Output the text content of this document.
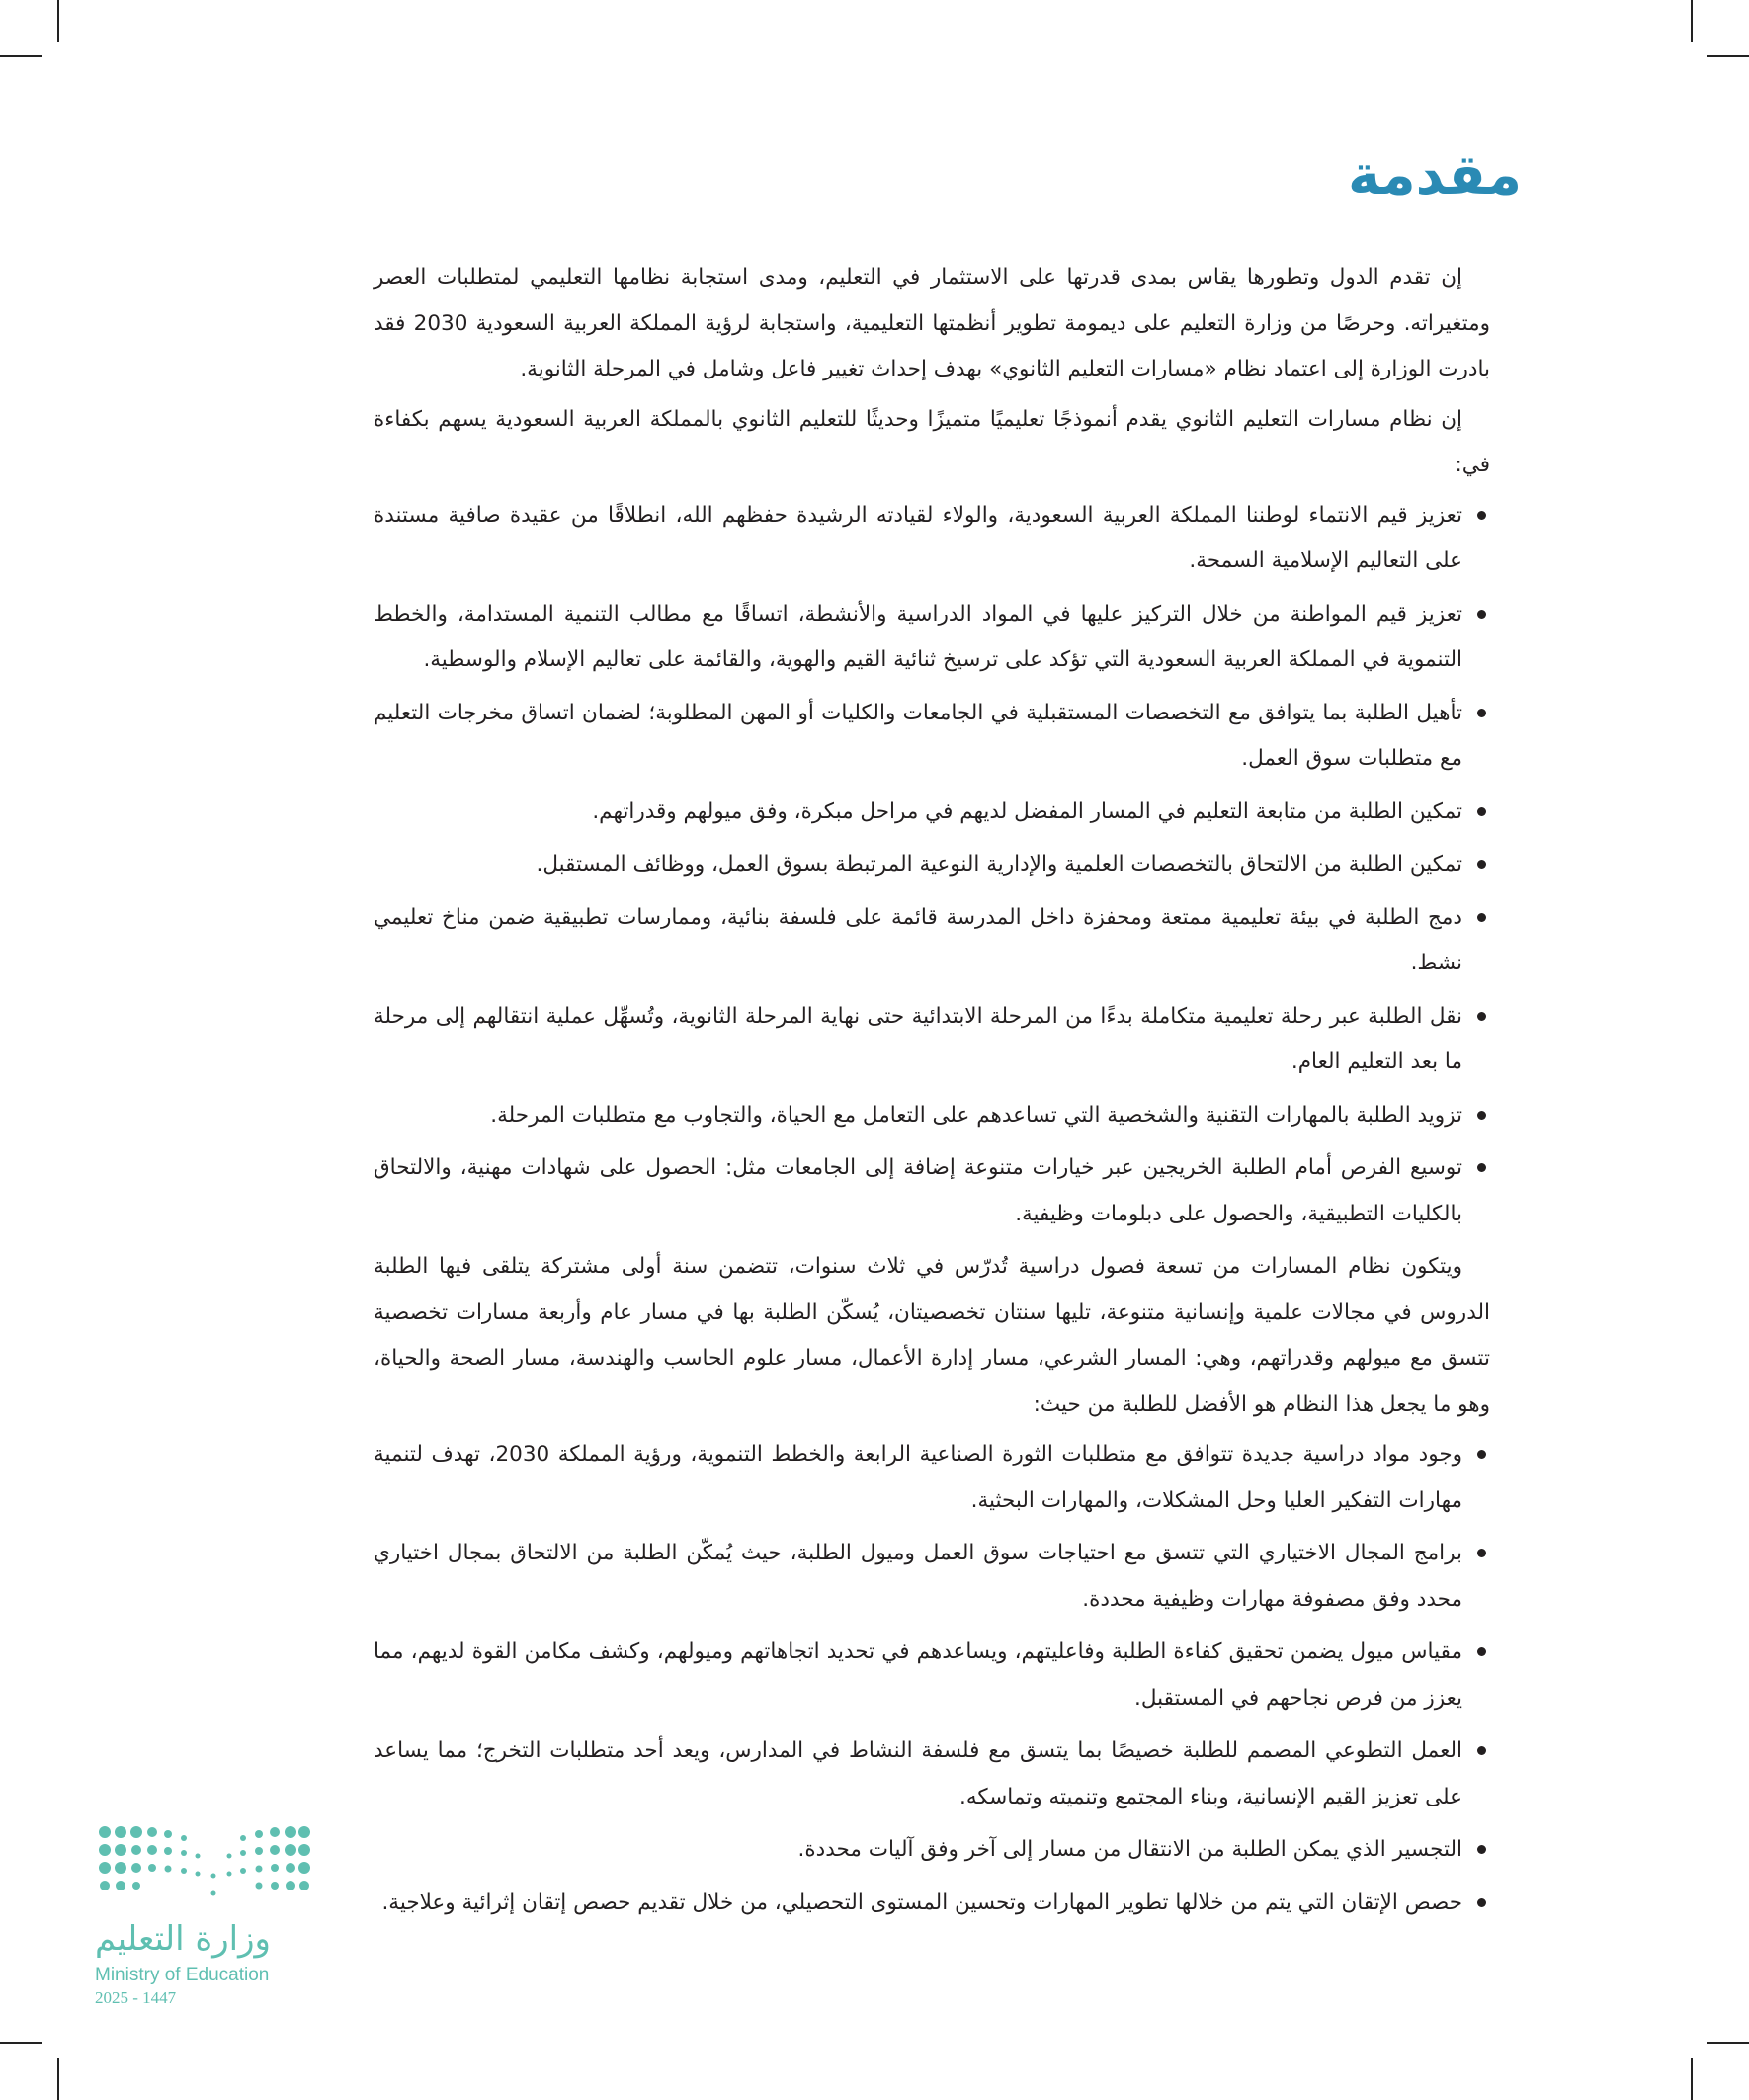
مقدمة

إن تقدم الدول وتطورها يقاس بمدى قدرتها على الاستثمار في التعليم، ومدى استجابة نظامها التعليمي لمتطلبات العصر ومتغيراته. وحرصًا من وزارة التعليم على ديمومة تطوير أنظمتها التعليمية، واستجابة لرؤية المملكة العربية السعودية 2030 فقد بادرت الوزارة إلى اعتماد نظام «مسارات التعليم الثانوي» بهدف إحداث تغيير فاعل وشامل في المرحلة الثانوية.

إن نظام مسارات التعليم الثانوي يقدم أنموذجًا تعليميًا متميزًا وحديثًا للتعليم الثانوي بالمملكة العربية السعودية يسهم بكفاءة في:

تعزيز قيم الانتماء لوطننا المملكة العربية السعودية، والولاء لقيادته الرشيدة حفظهم الله، انطلاقًا من عقيدة صافية مستندة على التعاليم الإسلامية السمحة.
تعزيز قيم المواطنة من خلال التركيز عليها في المواد الدراسية والأنشطة، اتساقًا مع مطالب التنمية المستدامة، والخطط التنموية في المملكة العربية السعودية التي تؤكد على ترسيخ ثنائية القيم والهوية، والقائمة على تعاليم الإسلام والوسطية.
تأهيل الطلبة بما يتوافق مع التخصصات المستقبلية في الجامعات والكليات أو المهن المطلوبة؛ لضمان اتساق مخرجات التعليم مع متطلبات سوق العمل.
تمكين الطلبة من متابعة التعليم في المسار المفضل لديهم في مراحل مبكرة، وفق ميولهم وقدراتهم.
تمكين الطلبة من الالتحاق بالتخصصات العلمية والإدارية النوعية المرتبطة بسوق العمل، ووظائف المستقبل.
دمج الطلبة في بيئة تعليمية ممتعة ومحفزة داخل المدرسة قائمة على فلسفة بنائية، وممارسات تطبيقية ضمن مناخ تعليمي نشط.
نقل الطلبة عبر رحلة تعليمية متكاملة بدءًا من المرحلة الابتدائية حتى نهاية المرحلة الثانوية، وتُسهِّل عملية انتقالهم إلى مرحلة ما بعد التعليم العام.
تزويد الطلبة بالمهارات التقنية والشخصية التي تساعدهم على التعامل مع الحياة، والتجاوب مع متطلبات المرحلة.
توسيع الفرص أمام الطلبة الخريجين عبر خيارات متنوعة إضافة إلى الجامعات مثل: الحصول على شهادات مهنية، والالتحاق بالكليات التطبيقية، والحصول على دبلومات وظيفية.

ويتكون نظام المسارات من تسعة فصول دراسية تُدرّس في ثلاث سنوات، تتضمن سنة أولى مشتركة يتلقى فيها الطلبة الدروس في مجالات علمية وإنسانية متنوعة، تليها سنتان تخصصيتان، يُسكّن الطلبة بها في مسار عام وأربعة مسارات تخصصية تتسق مع ميولهم وقدراتهم، وهي: المسار الشرعي، مسار إدارة الأعمال، مسار علوم الحاسب والهندسة، مسار الصحة والحياة، وهو ما يجعل هذا النظام هو الأفضل للطلبة من حيث:

وجود مواد دراسية جديدة تتوافق مع متطلبات الثورة الصناعية الرابعة والخطط التنموية، ورؤية المملكة 2030، تهدف لتنمية مهارات التفكير العليا وحل المشكلات، والمهارات البحثية.
برامج المجال الاختياري التي تتسق مع احتياجات سوق العمل وميول الطلبة، حيث يُمكّن الطلبة من الالتحاق بمجال اختياري محدد وفق مصفوفة مهارات وظيفية محددة.
مقياس ميول يضمن تحقيق كفاءة الطلبة وفاعليتهم، ويساعدهم في تحديد اتجاهاتهم وميولهم، وكشف مكامن القوة لديهم، مما يعزز من فرص نجاحهم في المستقبل.
العمل التطوعي المصمم للطلبة خصيصًا بما يتسق مع فلسفة النشاط في المدارس، ويعد أحد متطلبات التخرج؛ مما يساعد على تعزيز القيم الإنسانية، وبناء المجتمع وتنميته وتماسكه.
التجسير الذي يمكن الطلبة من الانتقال من مسار إلى آخر وفق آليات محددة.
حصص الإتقان التي يتم من خلالها تطوير المهارات وتحسين المستوى التحصيلي، من خلال تقديم حصص إتقان إثرائية وعلاجية.
وزارة التعليم
Ministry of Education
2025 - 1447
